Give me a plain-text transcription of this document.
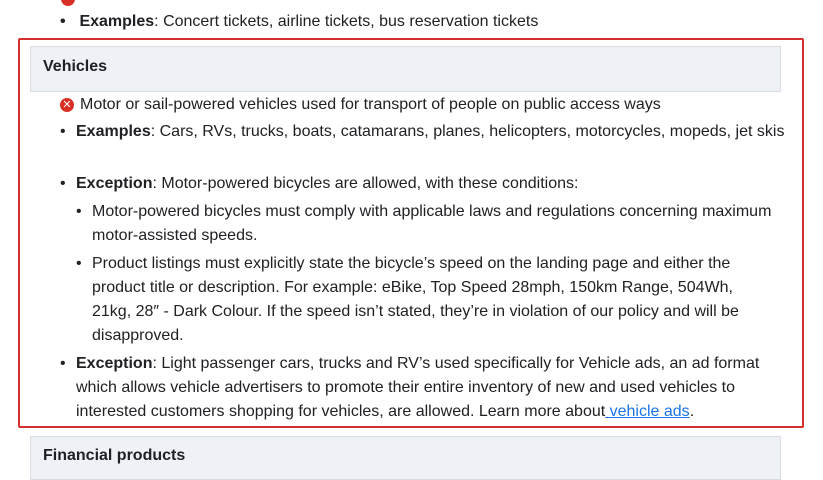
• Examples: Concert tickets, airline tickets, bus reservation tickets
Vehicles
✕ Motor or sail-powered vehicles used for transport of people on public access ways
• Examples: Cars, RVs, trucks, boats, catamarans, planes, helicopters, motorcycles, mopeds, jet skis
• Exception: Motor-powered bicycles are allowed, with these conditions:
• Motor-powered bicycles must comply with applicable laws and regulations concerning maximum motor-assisted speeds.
• Product listings must explicitly state the bicycle’s speed on the landing page and either the product title or description. For example: eBike, Top Speed 28mph, 150km Range, 504Wh, 21kg, 28″ - Dark Colour. If the speed isn’t stated, they’re in violation of our policy and will be disapproved.
• Exception: Light passenger cars, trucks and RV’s used specifically for Vehicle ads, an ad format which allows vehicle advertisers to promote their entire inventory of new and used vehicles to interested customers shopping for vehicles, are allowed. Learn more about vehicle ads.
Financial products
